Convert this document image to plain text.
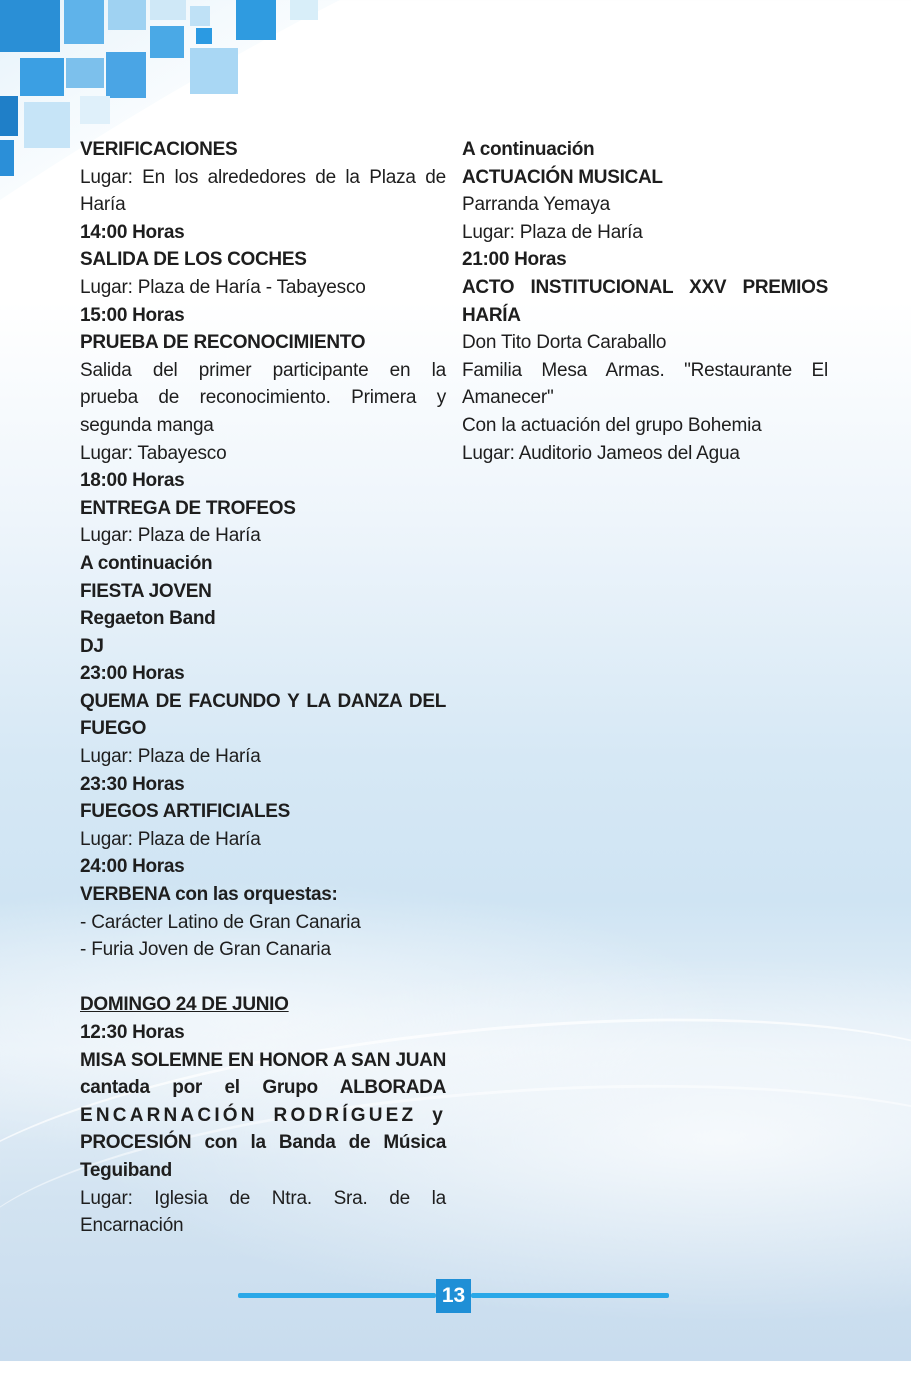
VERIFICACIONES
Lugar: En los alrededores de la Plaza de
Haría
14:00 Horas
SALIDA DE LOS COCHES
Lugar: Plaza de Haría - Tabayesco
15:00 Horas
PRUEBA DE RECONOCIMIENTO
Salida del primer participante en la
prueba de reconocimiento. Primera y
segunda manga
Lugar: Tabayesco
18:00 Horas
ENTREGA DE TROFEOS
Lugar: Plaza de Haría
A continuación
FIESTA JOVEN
Regaeton Band
DJ
23:00 Horas
QUEMA DE FACUNDO Y LA DANZA DEL
FUEGO
Lugar: Plaza de Haría
23:30 Horas
FUEGOS ARTIFICIALES
Lugar: Plaza de Haría
24:00 Horas
VERBENA con las orquestas:
- Carácter Latino de Gran Canaria
- Furia Joven de Gran Canaria
DOMINGO 24 DE JUNIO
12:30 Horas
MISA SOLEMNE EN HONOR A SAN JUAN
cantada por el Grupo ALBORADA
ENCARNACIÓN RODRÍGUEZ y
PROCESIÓN con la Banda de Música
Teguiband
Lugar: Iglesia de Ntra. Sra. de la
Encarnación
A continuación
ACTUACIÓN MUSICAL
Parranda Yemaya
Lugar: Plaza de Haría
21:00 Horas
ACTO INSTITUCIONAL XXV PREMIOS
HARÍA
Don Tito Dorta Caraballo
Familia Mesa Armas. "Restaurante El
Amanecer"
Con la actuación del grupo Bohemia
Lugar: Auditorio Jameos del Agua
13
